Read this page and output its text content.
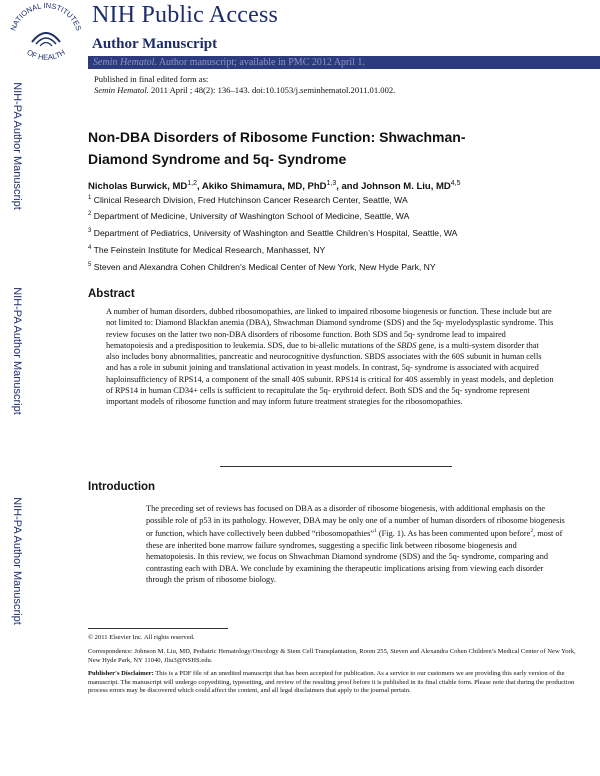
NATIONAL INSTITUTES
OF HEALTH
NIH Public Access
Author Manuscript
Semin Hematol. Author manuscript; available in PMC 2012 April 1.
Published in final edited form as:
Semin Hematol. 2011 April ; 48(2): 136–143. doi:10.1053/j.seminhematol.2011.01.002.
NIH-PA Author Manuscript
NIH-PA Author Manuscript
NIH-PA Author Manuscript
Non-DBA Disorders of Ribosome Function: Shwachman-
Diamond Syndrome and 5q- Syndrome
Nicholas Burwick, MD$^{1,2}$, Akiko Shimamura, MD, PhD$^{1,3}$, and Johnson M. Liu, MD$^{4,5}$
$^1$ Clinical Research Division, Fred Hutchinson Cancer Research Center, Seattle, WA
$^2$ Department of Medicine, University of Washington School of Medicine, Seattle, WA
$^3$ Department of Pediatrics, University of Washington and Seattle Children’s Hospital, Seattle, WA
$^4$ The Feinstein Institute for Medical Research, Manhasset, NY
$^5$ Steven and Alexandra Cohen Children’s Medical Center of New York, New Hyde Park, NY
Abstract
A number of human disorders, dubbed ribosomopathies, are linked to impaired ribosome biogenesis or function. These include but are not limited to: Diamond Blackfan anemia (DBA), Shwachman Diamond syndrome (SDS) and the 5q- myelodysplastic syndrome. This review focuses on the latter two non-DBA disorders of ribosome function. Both SDS and 5q- syndrome lead to impaired hematopoiesis and a predisposition to leukemia. SDS, due to bi-allelic mutations of the SBDS gene, is a multi-system disorder that also includes bony abnormalities, pancreatic and neurocognitive dysfunction. SBDS associates with the 60S subunit in human cells and has a role in subunit joining and translational activation in yeast models. In contrast, 5q- syndrome is associated with acquired haploinsufficiency of RPS14, a component of the small 40S subunit. RPS14 is critical for 40S assembly in yeast models, and depletion of RPS14 in human CD34+ cells is sufficient to recapitulate the 5q- erythroid defect. Both SDS and the 5q- syndrome represent important models of ribosome function and may inform future treatment strategies for the ribosomopathies.
Introduction
The preceding set of reviews has focused on DBA as a disorder of ribosome biogenesis, with additional emphasis on the possible role of p53 in its pathology. However, DBA may be only one of a number of human disorders of ribosome biogenesis or function, which have collectively been dubbed “ribosomopathies”$^1$ (Fig. 1). As has been commented upon before$^2$, most of these are inherited bone marrow failure syndromes, suggesting a specific link between ribosome biogenesis and hematopoiesis. In this review, we focus on Shwachman Diamond syndrome (SDS) and the 5q- syndrome, comparing and contrasting each with DBA. We conclude by examining the therapeutic implications arising from viewing each disorder through the prism of ribosome biology.
© 2011 Elsevier Inc. All rights reserved.
Correspondence: Johnson M. Liu, MD, Pediatric Hematology/Oncology & Stem Cell Transplantation, Room 255, Steven and Alexandra Cohen Children’s Medical Center of New York, New Hyde Park, NY 11040, Jliu3@NSHS.edu.
Publisher's Disclaimer: This is a PDF file of an unedited manuscript that has been accepted for publication. As a service to our customers we are providing this early version of the manuscript. The manuscript will undergo copyediting, typesetting, and review of the resulting proof before it is published in its final citable form. Please note that during the production process errors may be discovered which could affect the content, and all legal disclaimers that apply to the journal pertain.
